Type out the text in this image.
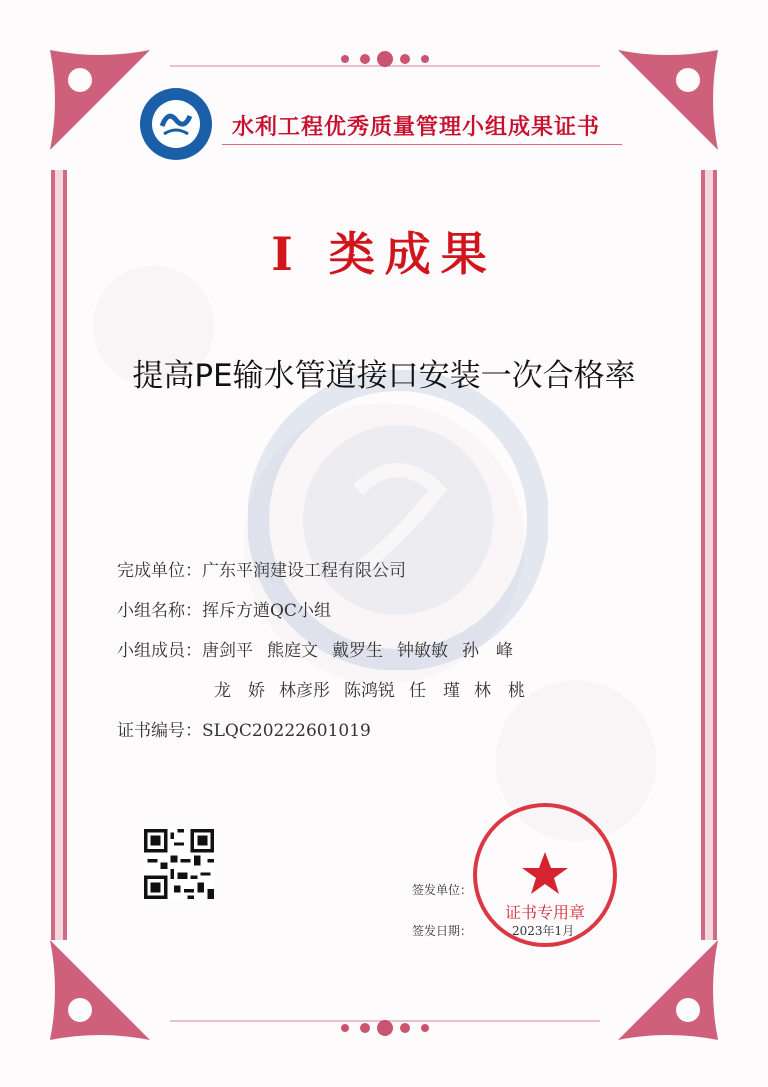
水利工程优秀质量管理小组成果证书
I 类成果
提高PE输水管道接口安装一次合格率
完成单位：广东平润建设工程有限公司
小组名称：挥斥方遒QC小组
小组成员：唐剑平 熊庭文 戴罗生 钟敏敏 孙　峰
龙　娇 林彦彤 陈鸿锐 任　瑾 林　桃
证书编号：SLQC20222601019
签发单位：
签发日期：	2023年1月
证书专用章
